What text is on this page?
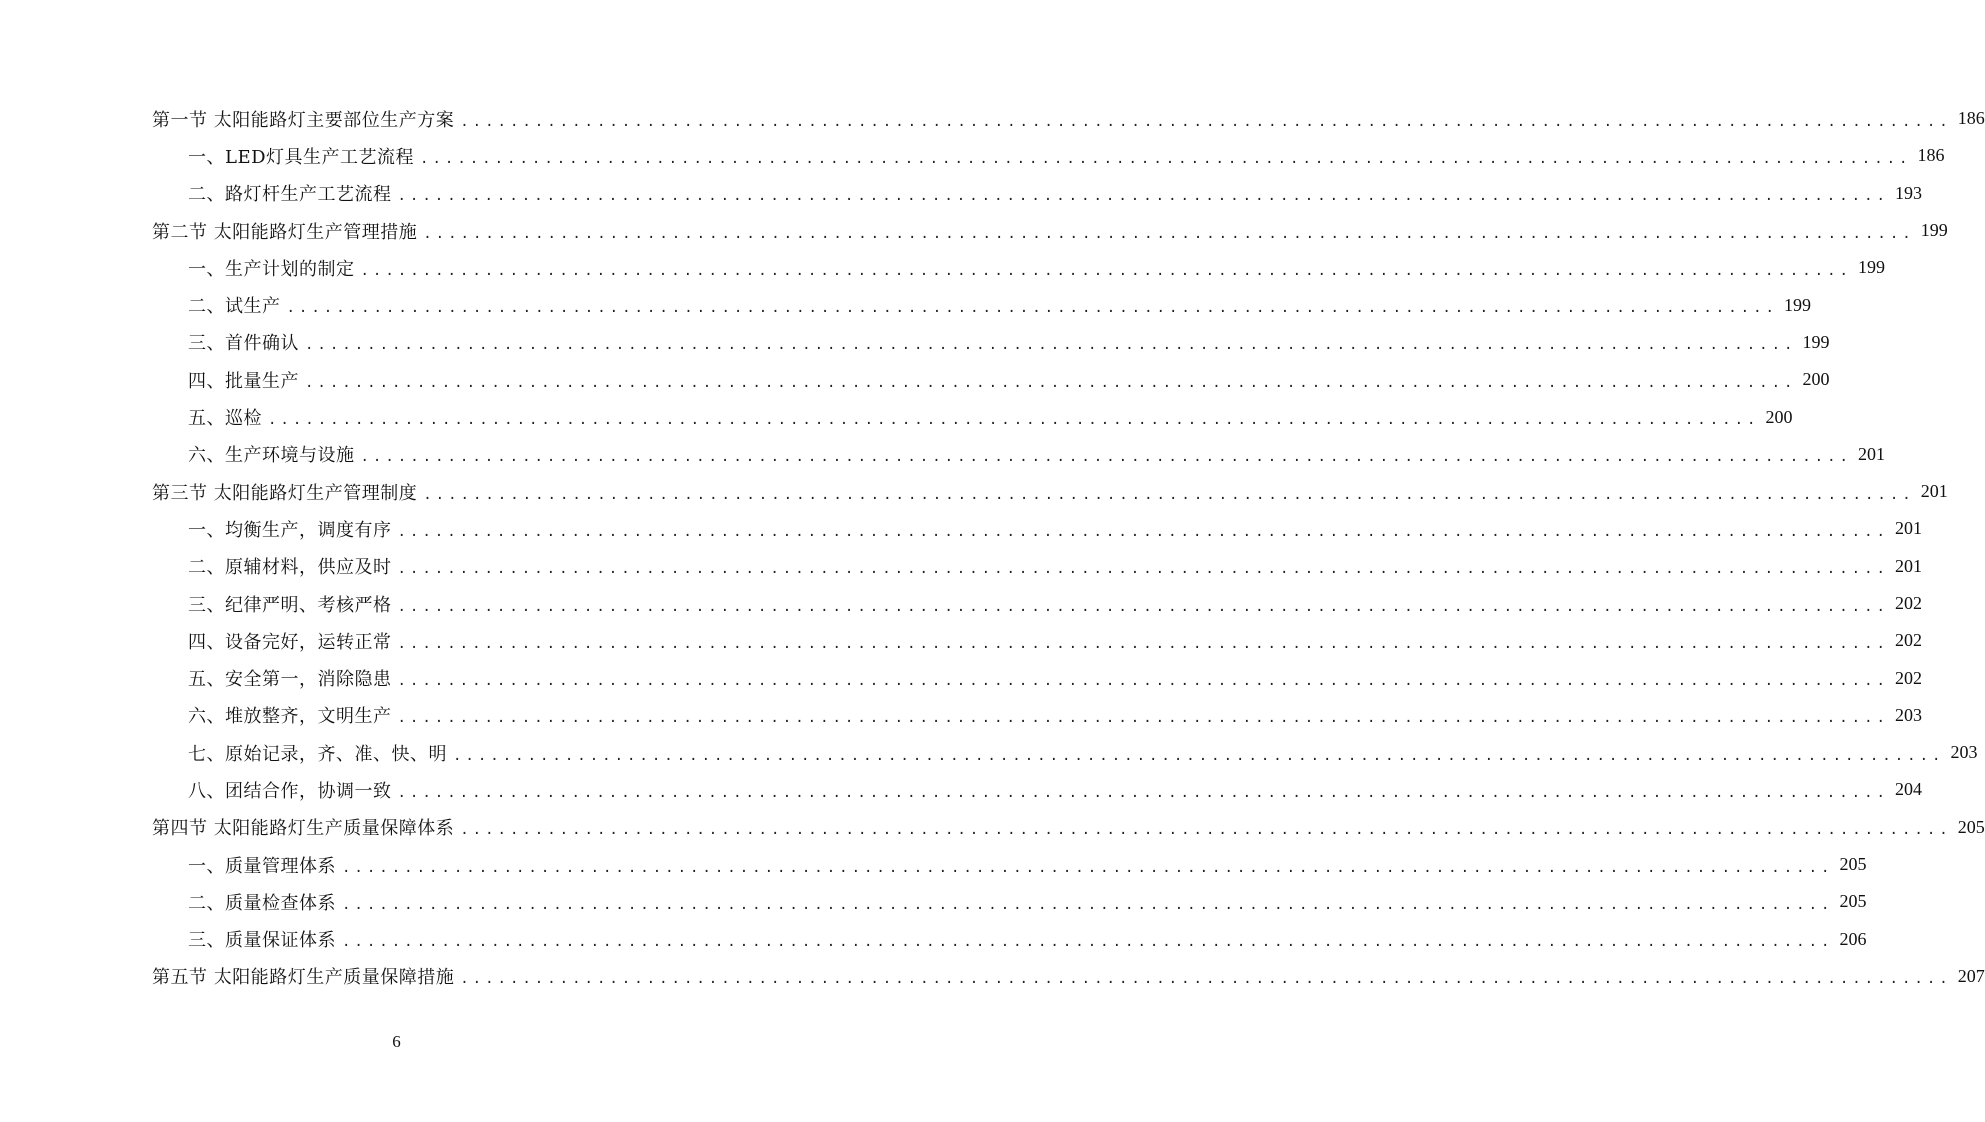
第一节 太阳能路灯主要部位生产方案 ........................................................................................................................ 186
一、LED灯具生产工艺流程 ........................................................................................................................ 186
二、路灯杆生产工艺流程 ........................................................................................................................ 193
第二节 太阳能路灯生产管理措施 ........................................................................................................................ 199
一、生产计划的制定 ........................................................................................................................ 199
二、试生产 ........................................................................................................................ 199
三、首件确认 ........................................................................................................................ 199
四、批量生产 ........................................................................................................................ 200
五、巡检 ........................................................................................................................ 200
六、生产环境与设施 ........................................................................................................................ 201
第三节 太阳能路灯生产管理制度 ........................................................................................................................ 201
一、均衡生产，调度有序 ........................................................................................................................ 201
二、原辅材料，供应及时 ........................................................................................................................ 201
三、纪律严明、考核严格 ........................................................................................................................ 202
四、设备完好，运转正常 ........................................................................................................................ 202
五、安全第一，消除隐患 ........................................................................................................................ 202
六、堆放整齐，文明生产 ........................................................................................................................ 203
七、原始记录，齐、准、快、明 ........................................................................................................................ 203
八、团结合作，协调一致 ........................................................................................................................ 204
第四节 太阳能路灯生产质量保障体系 ........................................................................................................................ 205
一、质量管理体系 ........................................................................................................................ 205
二、质量检查体系 ........................................................................................................................ 205
三、质量保证体系 ........................................................................................................................ 206
第五节 太阳能路灯生产质量保障措施 ........................................................................................................................ 207
6
